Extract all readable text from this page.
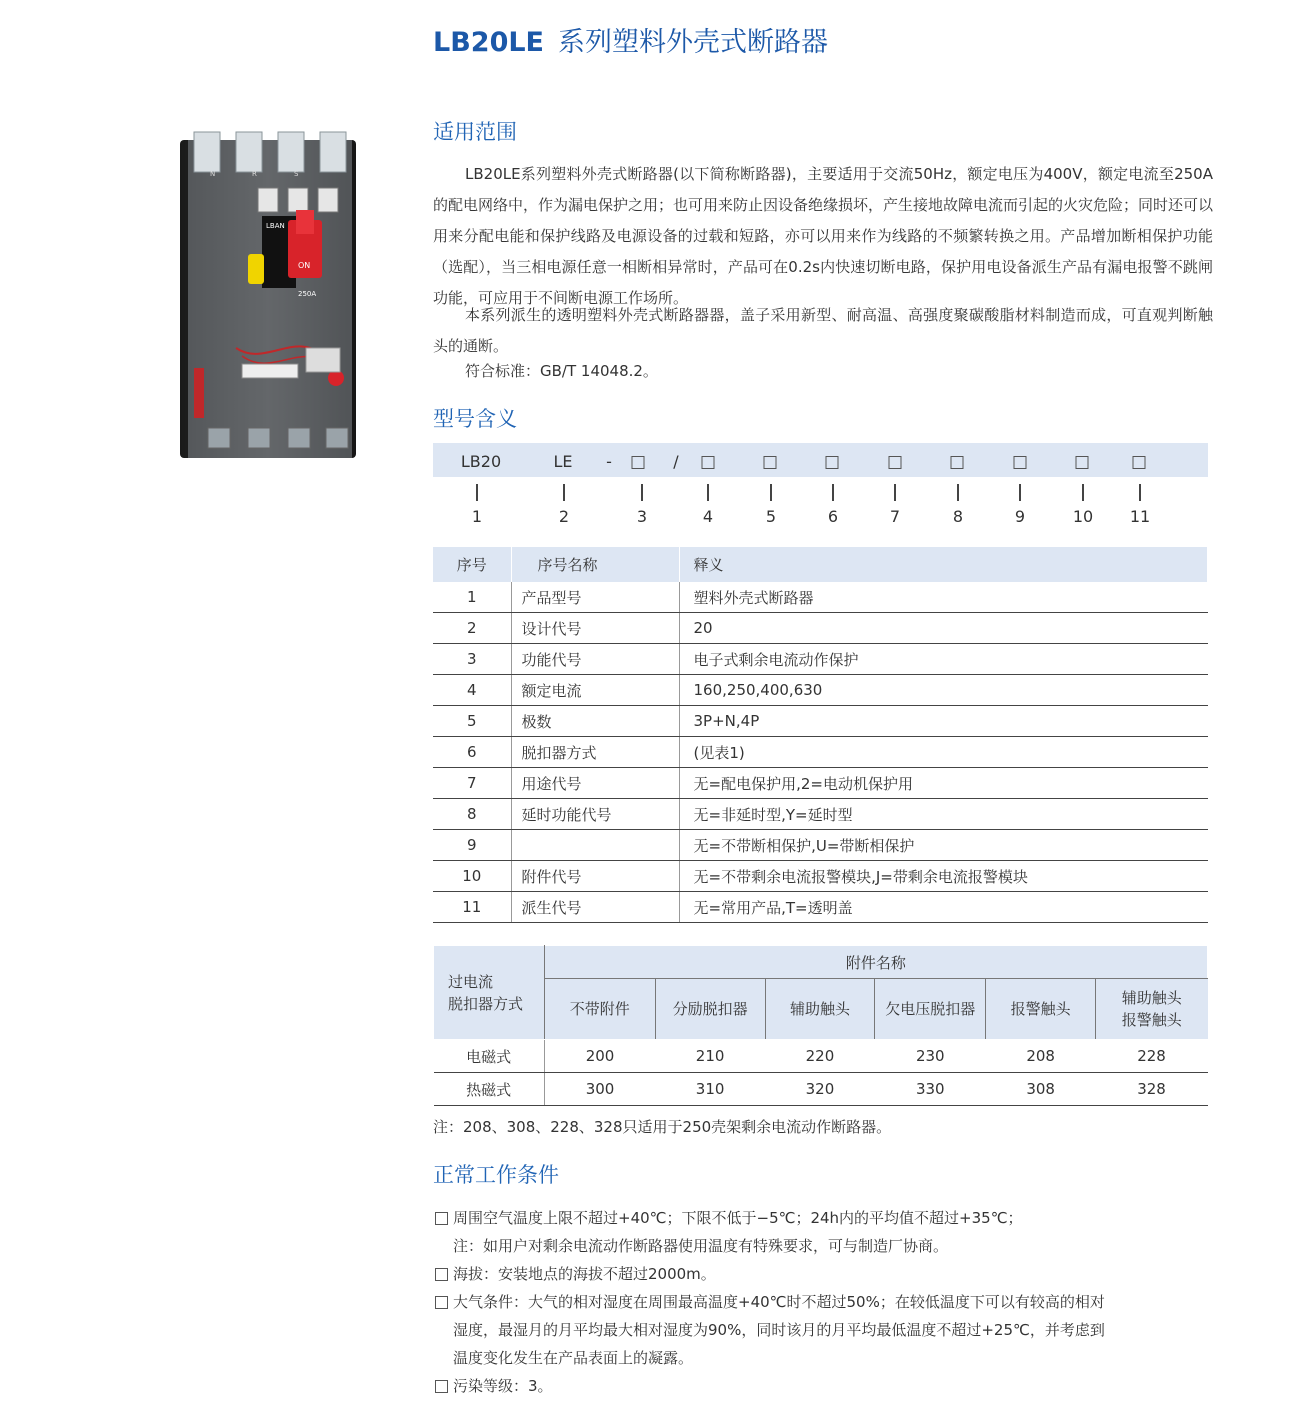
LB20LE 系列塑料外壳式断路器
N	R	S
LBAN
ON
250A
适用范围

LB20LE系列塑料外壳式断路器(以下简称断路器)，主要适用于交流50Hz，额定电压为400V，额定电流至250A的配电网络中，作为漏电保护之用；也可用来防止因设备绝缘损坏，产生接地故障电流而引起的火灾危险；同时还可以用来分配电能和保护线路及电源设备的过载和短路，亦可以用来作为线路的不频繁转换之用。产品增加断相保护功能（选配），当三相电源任意一相断相异常时，产品可在0.2s内快速切断电路，保护用电设备派生产品有漏电报警不跳闸功能，可应用于不间断电源工作场所。

本系列派生的透明塑料外壳式断路器器，盖子采用新型、耐高温、高强度聚碳酸脂材料制造而成，可直观判断触头的通断。

符合标准：GB/T 14048.2。

型号含义
LB20	LE -	/
1	2	3	4	5	6	7	8	9	10 11
序号	序号名称	释义
1	产品型号	塑料外壳式断路器
2	设计代号	20
3	功能代号	电子式剩余电流动作保护
4	额定电流	160,250,400,630
5	极数	3P+N,4P
6	脱扣器方式	(见表1)
7	用途代号	无=配电保护用,2=电动机保护用
8	延时功能代号	无=非延时型,Y=延时型
9		无=不带断相保护,U=带断相保护
10	附件代号	无=不带剩余电流报警模块,J=带剩余电流报警模块
11	派生代号	无=常用产品,T=透明盖
过电流
脱扣器方式	附件名称					
	不带附件	分励脱扣器	辅助触头	欠电压脱扣器	报警触头	辅助触头
报警触头
电磁式	200	210	220	230	208	228
热磁式	300	310	320	330	308	328
注：208、308、228、328只适用于250壳架剩余电流动作断路器。
正常工作条件
周围空气温度上限不超过+40℃；下限不低于−5℃；24h内的平均值不超过+35℃；
注：如用户对剩余电流动作断路器使用温度有特殊要求，可与制造厂协商。
海拔：安装地点的海拔不超过2000m。
大气条件：大气的相对湿度在周围最高温度+40℃时不超过50%；在较低温度下可以有较高的相对
湿度，最湿月的月平均最大相对湿度为90%，同时该月的月平均最低温度不超过+25℃，并考虑到
温度变化发生在产品表面上的凝露。
污染等级：3。
